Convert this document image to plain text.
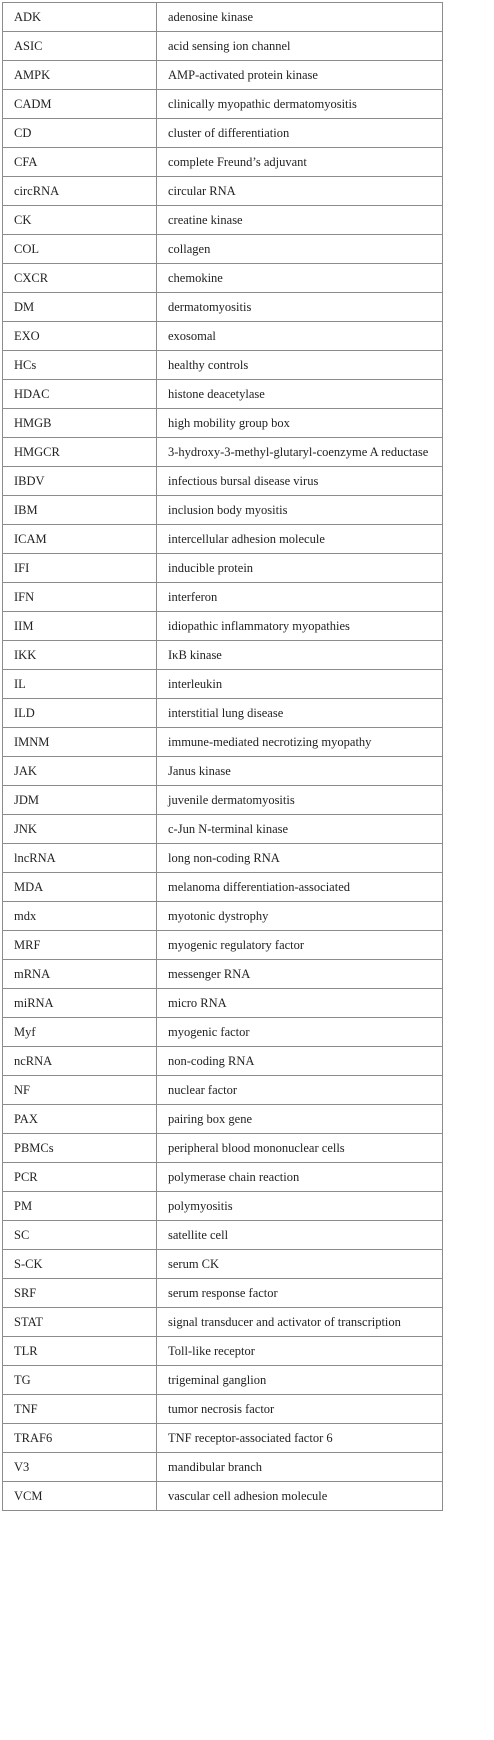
ADK	adenosine kinase
ASIC	acid sensing ion channel
AMPK	AMP-activated protein kinase
CADM	clinically myopathic dermatomyositis
CD	cluster of differentiation
CFA	complete Freund’s adjuvant
circRNA	circular RNA
CK	creatine kinase
COL	collagen
CXCR	chemokine
DM	dermatomyositis
EXO	exosomal
HCs	healthy controls
HDAC	histone deacetylase
HMGB	high mobility group box
HMGCR	3-hydroxy-3-methyl-glutaryl-coenzyme A reductase
IBDV	infectious bursal disease virus
IBM	inclusion body myositis
ICAM	intercellular adhesion molecule
IFI	inducible protein
IFN	interferon
IIM	idiopathic inflammatory myopathies
IKK	IκB kinase
IL	interleukin
ILD	interstitial lung disease
IMNM	immune-mediated necrotizing myopathy
JAK	Janus kinase
JDM	juvenile dermatomyositis
JNK	c-Jun N-terminal kinase
lncRNA	long non-coding RNA
MDA	melanoma differentiation-associated
mdx	myotonic dystrophy
MRF	myogenic regulatory factor
mRNA	messenger RNA
miRNA	micro RNA
Myf	myogenic factor
ncRNA	non-coding RNA
NF	nuclear factor
PAX	pairing box gene
PBMCs	peripheral blood mononuclear cells
PCR	polymerase chain reaction
PM	polymyositis
SC	satellite cell
S-CK	serum CK
SRF	serum response factor
STAT	signal transducer and activator of transcription
TLR	Toll-like receptor
TG	trigeminal ganglion
TNF	tumor necrosis factor
TRAF6	TNF receptor-associated factor 6
V3	mandibular branch
VCM	vascular cell adhesion molecule
